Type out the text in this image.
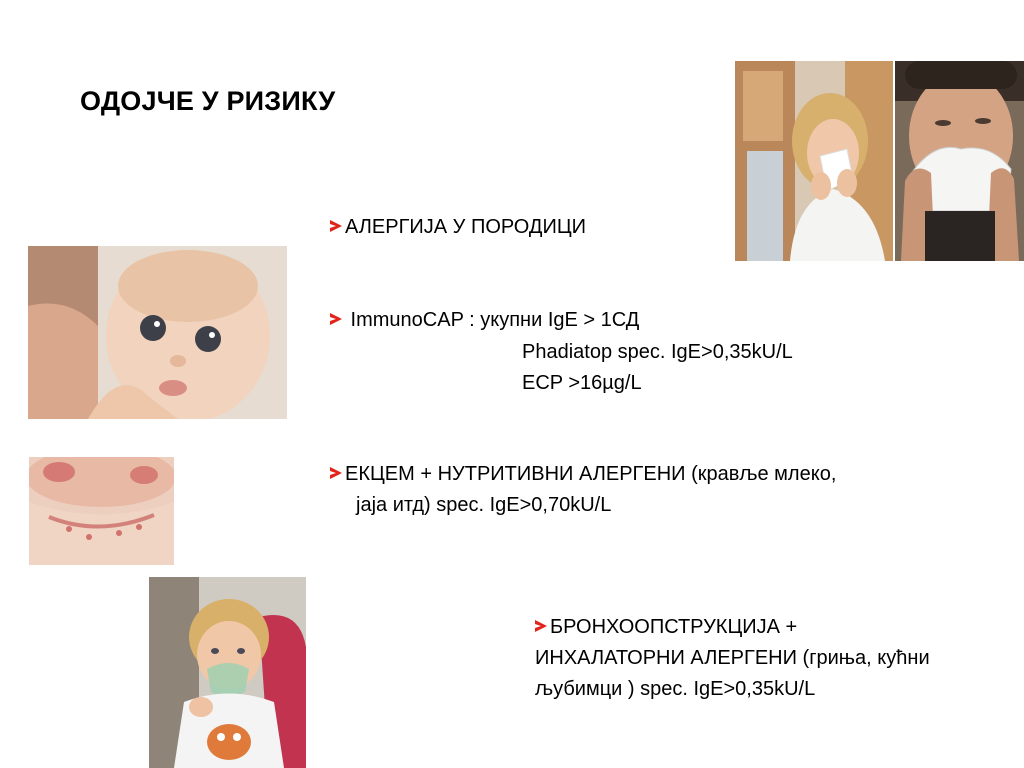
ОДОЈЧЕ У РИЗИКУ
АЛЕРГИЈА У ПОРОДИЦИ
ImmunoCAP : укупни IgE > 1СД
Phadiatop spec. IgE>0,35kU/L
ECP >16µg/L
ЕКЦЕМ + НУТРИТИВНИ АЛЕРГЕНИ (крављe млеко,
јаја итд) spec. IgE>0,70kU/L
БРОНХООПСТРУКЦИЈА +
ИНХАЛАТОРНИ АЛЕРГЕНИ (грињa, кућни
љубимци ) spec. IgE>0,35kU/L
